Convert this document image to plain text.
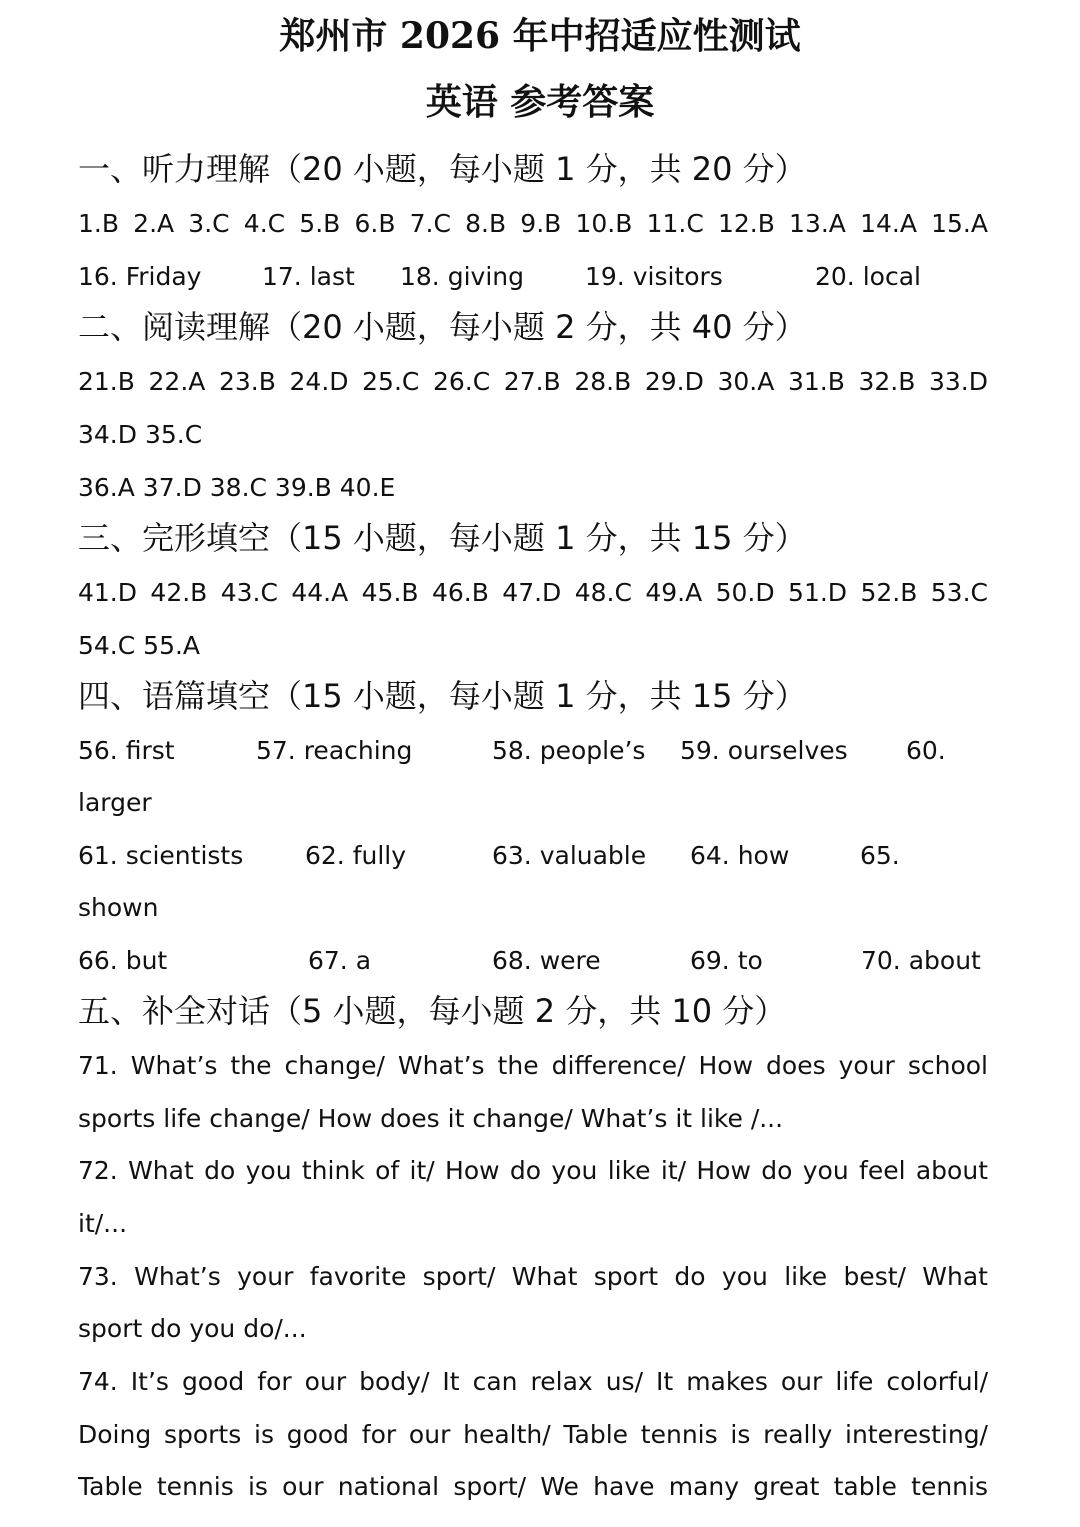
郑州市 2026 年中招适应性测试
英语 参考答案
一、听力理解（20 小题，每小题 1 分，共 20 分）
1.B 2.A 3.C 4.C 5.B 6.B 7.C 8.B 9.B 10.B 11.C 12.B 13.A 14.A 15.A
16. Friday 17. last 18. giving 19. visitors	20. local
二、阅读理解（20 小题，每小题 2 分，共 40 分）
21.B 22.A 23.B 24.D 25.C 26.C 27.B 28.B 29.D 30.A 31.B 32.B 33.D
34.D 35.C
36.A 37.D 38.C 39.B 40.E
三、完形填空（15 小题，每小题 1 分，共 15 分）
41.D 42.B 43.C 44.A 45.B 46.B 47.D 48.C 49.A 50.D 51.D 52.B 53.C
54.C 55.A
四、语篇填空（15 小题，每小题 1 分，共 15 分）
56. first	57. reaching	58. people’s 59. ourselves 60.
larger
61. scientists 62. fully	63. valuable 64. how	65.
shown
66. but	67. a	68. were	69. to	70. about
五、补全对话（5 小题，每小题 2 分，共 10 分）
71. What’s the change/ What’s the difference/ How does your school
sports life change/ How does it change/ What’s it like /...
72. What do you think of it/ How do you like it/ How do you feel about
it/...
73. What’s your favorite sport/ What sport do you like best/ What
sport do you do/...
74. It’s good for our body/ It can relax us/ It makes our life colorful/
Doing sports is good for our health/ Table tennis is really interesting/
Table tennis is our national sport/ We have many great table tennis
